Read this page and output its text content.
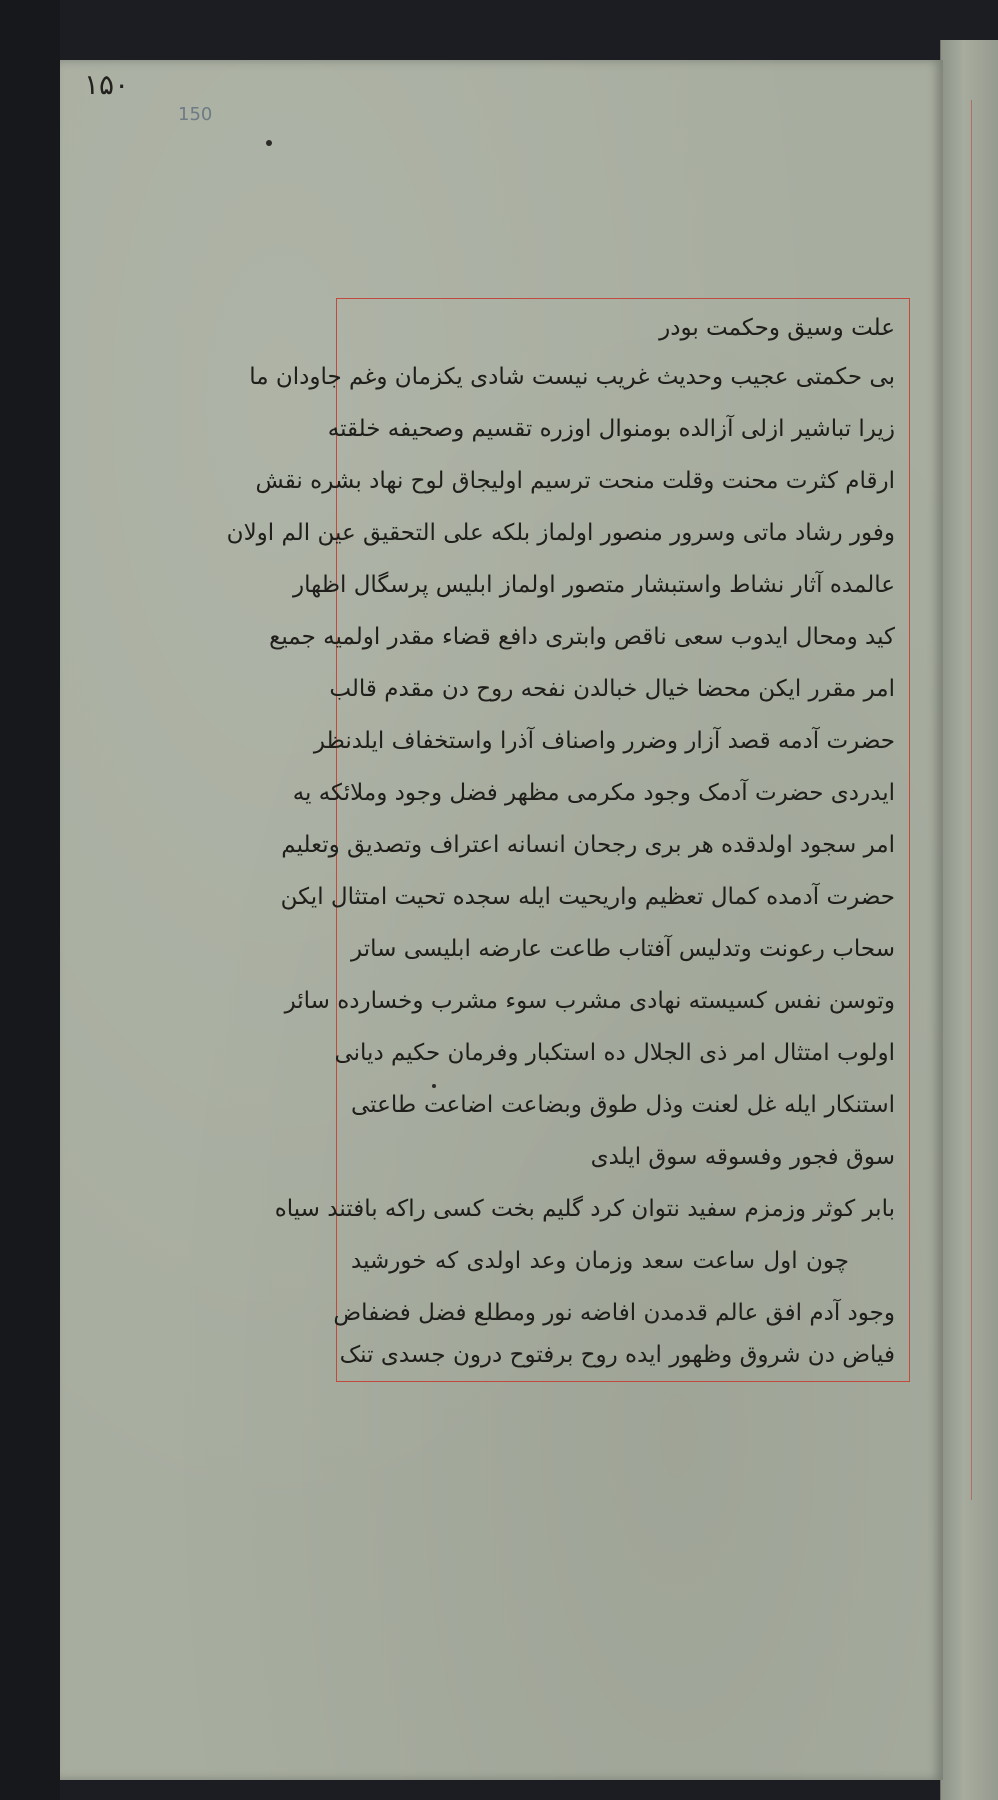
۱۵۰
150
علت وسیق وحکمت بودر
بی حکمتی عجیب وحدیث غریب نیست شادی یکزمان وغم جاودان ما
زیرا تباشیر ازلی آزالده بومنوال اوزره تقسیم وصحیفه خلقته
ارقام کثرت محنت وقلت منحت ترسیم اولیجاق لوح نهاد بشره نقش
وفور رشاد ماتی وسرور منصور اولماز بلکه علی التحقیق عین الم اولان
عالمده آثار نشاط واستبشار متصور اولماز ابلیس پرسگال اظهار
کید ومحال ایدوب سعی ناقص وابتری دافع قضاء مقدر اولمیه جمیع
امر مقرر ایکن محضا خیال خبالدن نفحه روح دن مقدم قالب
حضرت آدمه قصد آزار وضرر واصناف آذرا واستخفاف ایلدنظر
ایدردی حضرت آدمک وجود مکرمی مظهر فضل وجود وملائکه یه
امر سجود اولدقده هر بری رجحان انسانه اعتراف وتصدیق وتعلیم
حضرت آدمده کمال تعظیم واریحیت ایله سجده تحیت امتثال ایکن
سحاب رعونت وتدلیس آفتاب طاعت عارضه ابلیسی ساتر
وتوسن نفس کسیسته نهادی مشرب سوء مشرب وخسارده سائر
اولوب امتثال امر ذی الجلال ده استکبار وفرمان حکیم دیانی
استنکار ایله غل لعنت وذل طوق وبضاعت اضاعت طاعتی
سوق فجور وفسوقه سوق ایلدی
بابر کوثر وزمزم سفید نتوان کرد گلیم بخت کسی راکه بافتند سیاه
چون اول ساعت سعد وزمان وعد اولدی که خورشید
وجود آدم افق عالم قدمدن افاضه نور ومطلع فضل فضفاض
فیاض دن شروق وظهور ایده روح برفتوح درون جسدی تنک
